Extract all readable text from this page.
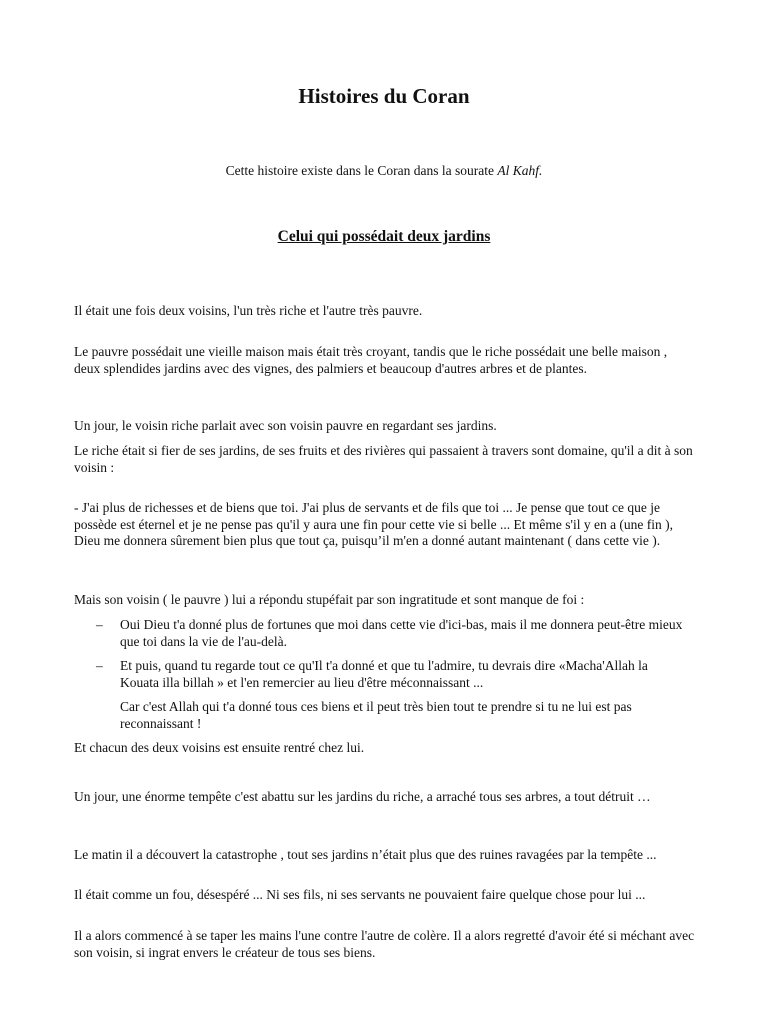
Histoires du Coran

Cette histoire existe dans le Coran dans la sourate Al Kahf.

Celui qui possédait deux jardins

Il était une fois deux voisins, l'un très riche et l'autre très pauvre.

Le pauvre possédait une vieille maison mais était très croyant, tandis que le riche possédait une belle maison , deux splendides jardins avec des vignes, des palmiers et beaucoup d'autres arbres et de plantes.

Un jour, le voisin riche parlait avec son voisin pauvre en regardant ses jardins.

Le riche était si fier de ses jardins, de ses fruits et des rivières qui passaient à travers sont domaine, qu'il a dit à son voisin :

- J'ai plus de richesses et de biens que toi. J'ai plus de servants et de fils que toi ... Je pense que tout ce que je possède est éternel et je ne pense pas qu'il y aura une fin pour cette vie si belle ... Et même s'il y en a (une fin ), Dieu me donnera sûrement bien plus que tout ça, puisqu’il m'en a donné autant maintenant ( dans cette vie ).

Mais son voisin ( le pauvre ) lui a répondu stupéfait par son ingratitude et sont manque de foi :

– Oui Dieu t'a donné plus de fortunes que moi dans cette vie d'ici-bas, mais il me donnera peut-être mieux que toi dans la vie de l'au-delà.

– Et puis, quand tu regarde tout ce qu'Il t'a donné et que tu l'admire, tu devrais dire «Macha'Allah la Kouata illa billah » et l'en remercier au lieu d'être méconnaissant ...

Car c'est Allah qui t'a donné tous ces biens et il peut très bien tout te prendre si tu ne lui est pas reconnaissant !

Et chacun des deux voisins est ensuite rentré chez lui.

Un jour, une énorme tempête c'est abattu sur les jardins du riche, a arraché tous ses arbres, a tout détruit …

Le matin il a découvert la catastrophe , tout ses jardins n’était plus que des ruines ravagées par la tempête ...

Il était comme un fou, désespéré ... Ni ses fils, ni ses servants ne pouvaient faire quelque chose pour lui ...

Il a alors commencé à se taper les mains l'une contre l'autre de colère. Il a alors regretté d'avoir été si méchant avec son voisin, si ingrat envers le créateur de tous ses biens.
